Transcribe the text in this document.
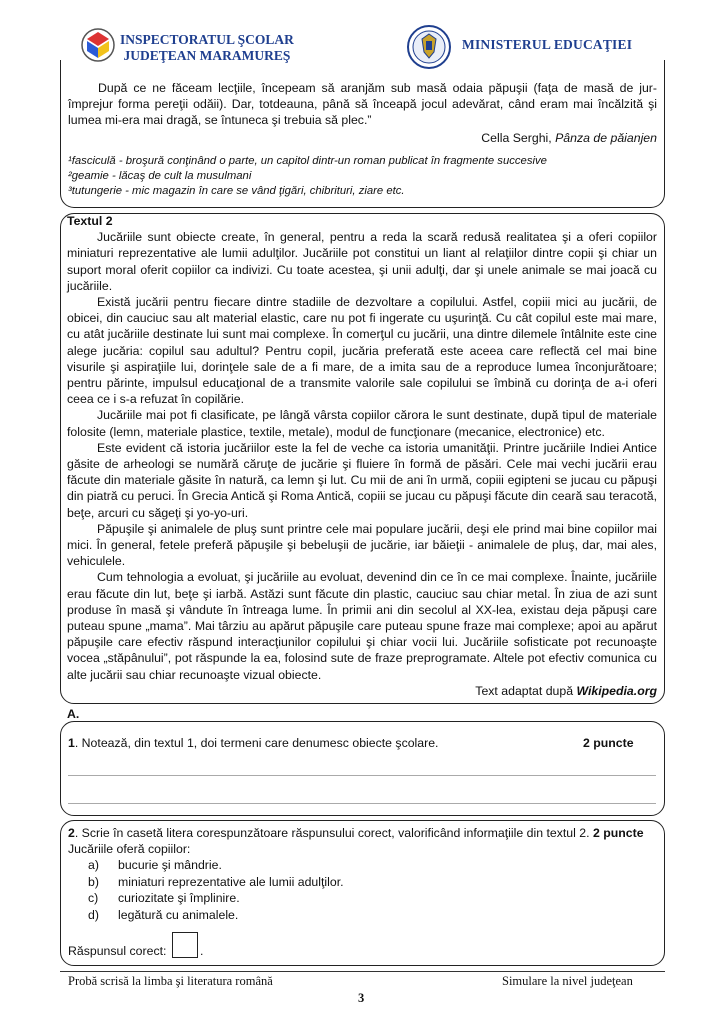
INSPECTORATUL ŞCOLAR
JUDEŢEAN MARAMUREŞ
MINISTERUL EDUCAŢIEI

După ce ne făceam lecţiile, începeam să aranjăm sub masă odaia păpuşii (faţa de masă de jur-împrejur forma pereţii odăii). Dar, totdeauna, până să înceapă jocul adevărat, când eram mai încălzită şi lumea mi-era mai dragă, se întuneca şi trebuia să plec.”

Cella Serghi, Pânza de păianjen

¹fasciculă - broşură conţinând o parte, un capitol dintr-un roman publicat în fragmente succesive
²geamie - lăcaş de cult la musulmani
³tutungerie - mic magazin în care se vând ţigări, chibrituri, ziare etc.
Textul 2

Jucăriile sunt obiecte create, în general, pentru a reda la scară redusă realitatea şi a oferi copiilor miniaturi reprezentative ale lumii adulţilor. Jucăriile pot constitui un liant al relaţiilor dintre copii şi chiar un suport moral oferit copiilor ca indivizi. Cu toate acestea, şi unii adulţi, dar şi unele animale se mai joacă cu jucăriile.

Există jucării pentru fiecare dintre stadiile de dezvoltare a copilului. Astfel, copiii mici au jucării, de obicei, din cauciuc sau alt material elastic, care nu pot fi ingerate cu uşurinţă. Cu cât copilul este mai mare, cu atât jucăriile destinate lui sunt mai complexe. În comerţul cu jucării, una dintre dilemele întâlnite este cine alege jucăria: copilul sau adultul? Pentru copil, jucăria preferată este aceea care reflectă cel mai bine visurile şi aspiraţiile lui, dorinţele sale de a fi mare, de a imita sau de a reproduce lumea înconjurătoare; pentru părinte, impulsul educaţional de a transmite valorile sale copilului se îmbină cu dorinţa de a-i oferi ceea ce i s-a refuzat în copilărie.

Jucăriile mai pot fi clasificate, pe lângă vârsta copiilor cărora le sunt destinate, după tipul de materiale folosite (lemn, materiale plastice, textile, metale), modul de funcţionare (mecanice, electronice) etc.

Este evident că istoria jucăriilor este la fel de veche ca istoria umanităţii. Printre jucăriile Indiei Antice găsite de arheologi se numără căruţe de jucărie şi fluiere în formă de păsări. Cele mai vechi jucării erau făcute din materiale găsite în natură, ca lemn şi lut. Cu mii de ani în urmă, copiii egipteni se jucau cu păpuşi din piatră cu peruci. În Grecia Antică şi Roma Antică, copiii se jucau cu păpuşi făcute din ceară sau teracotă, beţe, arcuri cu săgeţi şi yo-yo-uri.

Păpuşile şi animalele de pluş sunt printre cele mai populare jucării, deşi ele prind mai bine copiilor mai mici. În general, fetele preferă păpuşile şi bebeluşii de jucărie, iar băieţii - animalele de pluş, dar, mai ales, vehiculele.

Cum tehnologia a evoluat, şi jucăriile au evoluat, devenind din ce în ce mai complexe. Înainte, jucăriile erau făcute din lut, beţe şi iarbă. Astăzi sunt făcute din plastic, cauciuc sau chiar metal. În ziua de azi sunt produse în masă şi vândute în întreaga lume. În primii ani din secolul al XX-lea, existau deja păpuşi care puteau spune „mama”. Mai târziu au apărut păpuşile care puteau spune fraze mai complexe; apoi au apărut păpuşile care efectiv răspund interacţiunilor copilului şi chiar vocii lui. Jucăriile sofisticate pot recunoaşte vocea „stăpânului”, pot răspunde la ea, folosind sute de fraze preprogramate. Altele pot efectiv comunica cu alte jucării sau chiar recunoaşte vizual obiecte.

Text adaptat după Wikipedia.org

A.
1. Notează, din textul 1, doi termeni care denumesc obiecte şcolare.	2 puncte
2. Scrie în casetă litera corespunzătoare răspunsului corect, valorificând informaţiile din textul 2. 2 puncte
Jucăriile oferă copiilor:
a) bucurie şi mândrie.
b) miniaturi reprezentative ale lumii adulţilor.
c) curiozitate şi împlinire.
d) legătură cu animalele.
Răspunsul corect:	.
Probă scrisă la limba şi literatura română	Simulare la nivel judeţean
3
